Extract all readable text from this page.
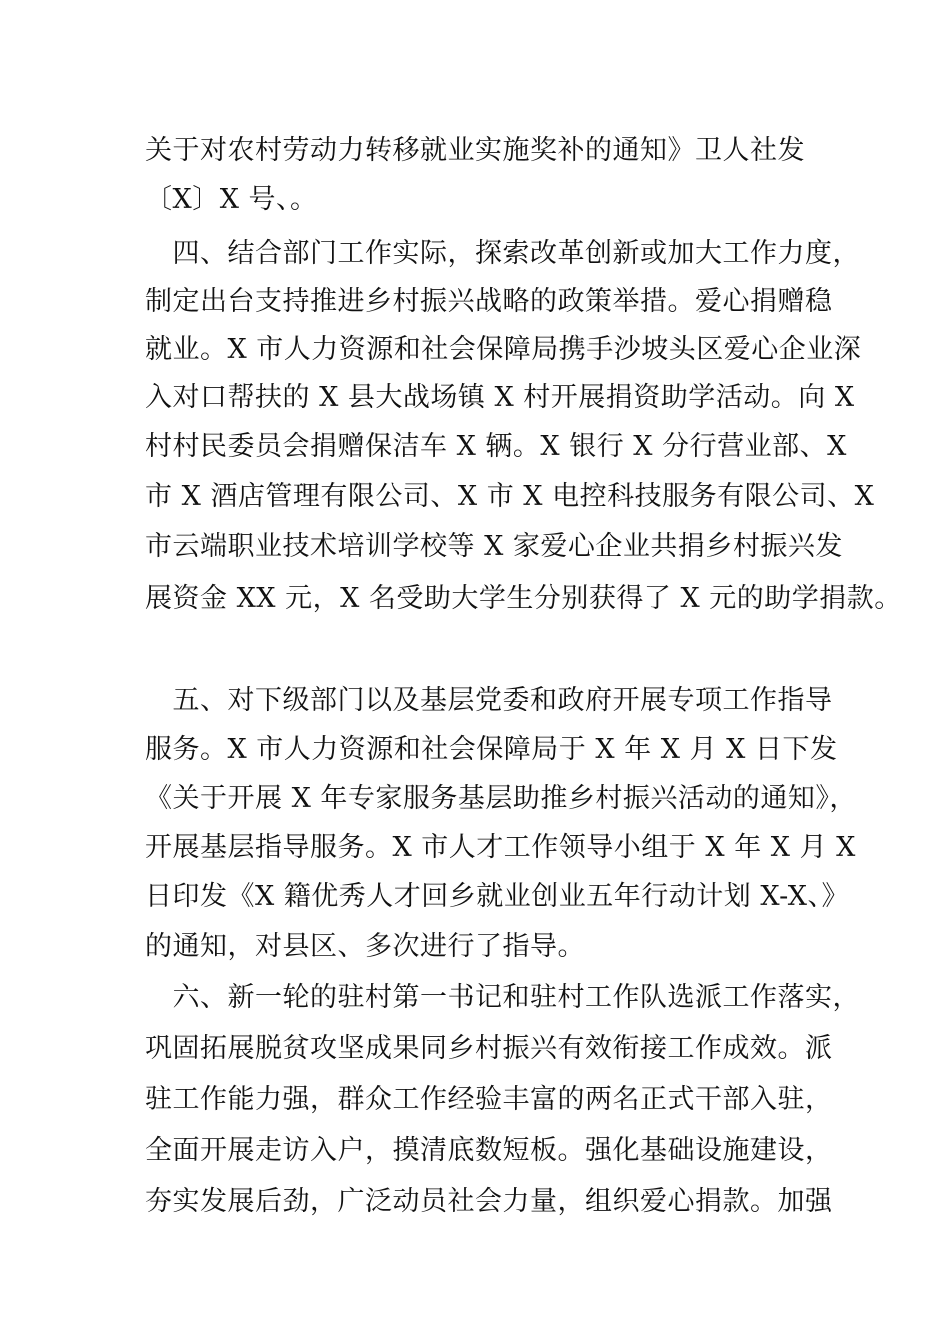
关于对农村劳动力转移就业实施奖补的通知》卫人社发
〔X〕X 号、。
　四、结合部门工作实际，探索改革创新或加大工作力度，
制定出台支持推进乡村振兴战略的政策举措。爱心捐赠稳
就业。X 市人力资源和社会保障局携手沙坡头区爱心企业深
入对口帮扶的 X 县大战场镇 X 村开展捐资助学活动。向 X
村村民委员会捐赠保洁车 X 辆。X 银行 X 分行营业部、X
市 X 酒店管理有限公司、X 市 X 电控科技服务有限公司、X
市云端职业技术培训学校等 X 家爱心企业共捐乡村振兴发
展资金 XX 元，X 名受助大学生分别获得了 X 元的助学捐款。
　五、对下级部门以及基层党委和政府开展专项工作指导
服务。X 市人力资源和社会保障局于 X 年 X 月 X 日下发
《关于开展 X 年专家服务基层助推乡村振兴活动的通知》，
开展基层指导服务。X 市人才工作领导小组于 X 年 X 月 X
日印发《X 籍优秀人才回乡就业创业五年行动计划 X-X、》
的通知，对县区、多次进行了指导。
　六、新一轮的驻村第一书记和驻村工作队选派工作落实，
巩固拓展脱贫攻坚成果同乡村振兴有效衔接工作成效。派
驻工作能力强，群众工作经验丰富的两名正式干部入驻，
全面开展走访入户，摸清底数短板。强化基础设施建设，
夯实发展后劲，广泛动员社会力量，组织爱心捐款。加强
